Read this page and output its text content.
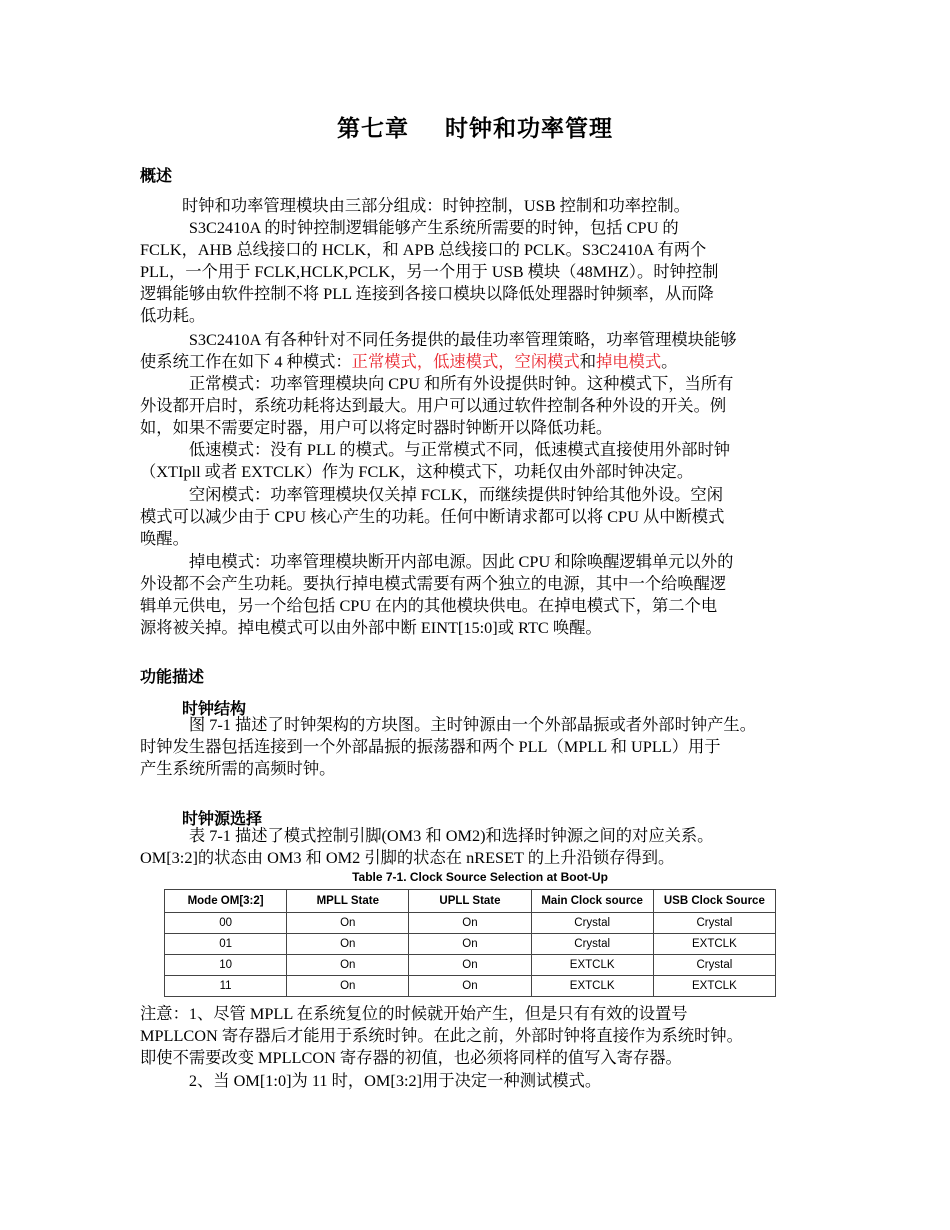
第七章 时钟和功率管理
概述

时钟和功率管理模块由三部分组成：时钟控制，USB 控制和功率控制。

　　　S3C2410A 的时钟控制逻辑能够产生系统所需要的时钟，包括 CPU 的
FCLK，AHB 总线接口的 HCLK，和 APB 总线接口的 PCLK。S3C2410A 有两个
PLL，一个用于 FCLK,HCLK,PCLK，另一个用于 USB 模块（48MHZ）。时钟控制
逻辑能够由软件控制不将 PLL 连接到各接口模块以降低处理器时钟频率，从而降
低功耗。

　　　S3C2410A 有各种针对不同任务提供的最佳功率管理策略，功率管理模块能够
使系统工作在如下 4 种模式：正常模式，低速模式，空闲模式和掉电模式。

　　　正常模式：功率管理模块向 CPU 和所有外设提供时钟。这种模式下，当所有
外设都开启时，系统功耗将达到最大。用户可以通过软件控制各种外设的开关。例
如，如果不需要定时器，用户可以将定时器时钟断开以降低功耗。

　　　低速模式：没有 PLL 的模式。与正常模式不同，低速模式直接使用外部时钟
（XTIpll 或者 EXTCLK）作为 FCLK，这种模式下，功耗仅由外部时钟决定。

　　　空闲模式：功率管理模块仅关掉 FCLK，而继续提供时钟给其他外设。空闲
模式可以减少由于 CPU 核心产生的功耗。任何中断请求都可以将 CPU 从中断模式
唤醒。

　　　掉电模式：功率管理模块断开内部电源。因此 CPU 和除唤醒逻辑单元以外的
外设都不会产生功耗。要执行掉电模式需要有两个独立的电源，其中一个给唤醒逻
辑单元供电，另一个给包括 CPU 在内的其他模块供电。在掉电模式下，第二个电
源将被关掉。掉电模式可以由外部中断 EINT[15:0]或 RTC 唤醒。

功能描述
时钟结构

　　　图 7-1 描述了时钟架构的方块图。主时钟源由一个外部晶振或者外部时钟产生。
时钟发生器包括连接到一个外部晶振的振荡器和两个 PLL（MPLL 和 UPLL）用于
产生系统所需的高频时钟。

时钟源选择

　　　表 7-1 描述了模式控制引脚(OM3 和 OM2)和选择时钟源之间的对应关系。
OM[3:2]的状态由 OM3 和 OM2 引脚的状态在 nRESET 的上升沿锁存得到。

Table 7-1. Clock Source Selection at Boot-Up
Mode OM[3:2]	MPLL State	UPLL State	Main Clock source	USB Clock Source
00	On	On	Crystal	Crystal
01	On	On	Crystal	EXTCLK
10	On	On	EXTCLK	Crystal
11	On	On	EXTCLK	EXTCLK

注意：1、尽管 MPLL 在系统复位的时候就开始产生，但是只有有效的设置号
MPLLCON 寄存器后才能用于系统时钟。在此之前，外部时钟将直接作为系统时钟。
即使不需要改变 MPLLCON 寄存器的初值，也必须将同样的值写入寄存器。

　　　2、当 OM[1:0]为 11 时，OM[3:2]用于决定一种测试模式。
